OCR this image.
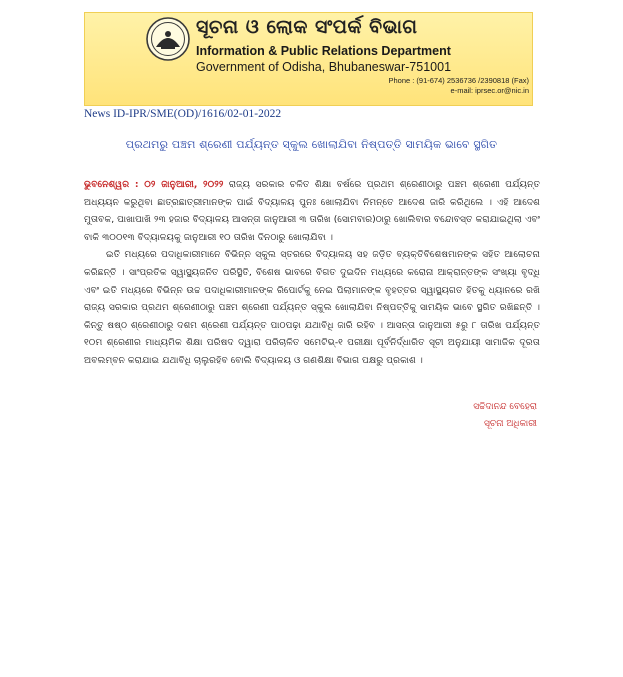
ସୂଚନା ଓ ଲୋକ ସଂପର୍କ ବିଭାଗ
Information & Public Relations Department
Government of Odisha, Bhubaneswar-751001
Phone : (91-674) 2536736 /2390818 (Fax)
e-mail: iprsec.or@nic.in
News ID-IPR/SME(OD)/1616/02-01-2022
ପ୍ରଥମରୁ ପଞ୍ଚମ ଶ୍ରେଣୀ ପର୍ଯ୍ୟନ୍ତ ସ୍କୁଲ ଖୋଲାଯିବା ନିଷ୍ପତ୍ତି ସାମୟିକ ଭାବେ ସ୍ଥଗିତ

ଭୁବନେଶ୍ୱର : ୦୨ ଜାନୁଆରୀ, ୨୦୨୨ ରାଜ୍ୟ ସରକାର ଚଳିତ ଶିକ୍ଷା ବର୍ଷରେ ପ୍ରଥମ ଶ୍ରେଣୀଠାରୁ ପଞ୍ଚମ ଶ୍ରେଣୀ ପର୍ଯ୍ୟନ୍ତ ଅଧ୍ୟୟନ କରୁଥିବା ଛାତ୍ରଛାତ୍ରୀମାନଙ୍କ ପାଇଁ ବିଦ୍ୟାଳୟ ପୁନଃ ଖୋଲାଯିବା ନିମନ୍ତେ ଆଦେଶ ଜାରି କରିଥିଲେ । ଏହି ଆଦେଶ ମୁତାବକ, ପାଖାପାଖି ୨୩ ହଜାର ବିଦ୍ୟାଳୟ ଆସନ୍ତା ଜାନୁଆରୀ ୩ ତାରିଖ (ସୋମବାର)ଠାରୁ ଖୋଲିବାର ବନ୍ଦୋବସ୍ତ କରାଯାଇଥିଲା ଏବଂ ବାକି ୩୦୦୧୩ ବିଦ୍ୟାଳୟକୁ ଜାନୁଆରୀ ୧୦ ତାରିଖ ଦିନଠାରୁ ଖୋଲାଯିବା ।

ଇତି ମଧ୍ୟରେ ପଦାଧିକାରୀମାନେ ବିଭିନ୍ନ ସ୍କୁଲ ସ୍ତରରେ ବିଦ୍ୟାଳୟ ସହ ଜଡ଼ିତ ବ୍ୟକ୍ତିବିଶେଷମାନଙ୍କ ସହିତ ଆଲୋଚନା କରିଛନ୍ତି । ସାଂପ୍ରତିକ ସ୍ୱାସ୍ଥ୍ୟଜନିତ ପରିସ୍ଥିତି, ବିଶେଷ ଭାବରେ ବିଗତ ଦୁଇଦିନ ମଧ୍ୟରେ କରୋନା ଆକ୍ରାନ୍ତଙ୍କ ସଂଖ୍ୟା ବୃଦ୍ଧି ଏବଂ ଇତି ମଧ୍ୟରେ ବିଭିନ୍ନ ଉଚ୍ଚ ପଦାଧିକାରୀମାନଙ୍କ ରିପୋର୍ଟକୁ ନେଇ ପିଲାମାନଙ୍କ ବୃହତ୍ତର ସ୍ୱାସ୍ଥ୍ୟଗତ ହିତକୁ ଧ୍ୟାନରେ ରଖି ରାଜ୍ୟ ସରକାର ପ୍ରଥମ ଶ୍ରେଣୀଠାରୁ ପଞ୍ଚମ ଶ୍ରେଣୀ ପର୍ଯ୍ୟନ୍ତ ସ୍କୁଲ ଖୋଲାଯିବା ନିଷ୍ପତ୍ତିକୁ ସାମୟିକ ଭାବେ ସ୍ଥଗିତ ରଖିଛନ୍ତି । କିନ୍ତୁ ଷଷ୍ଠ ଶ୍ରେଣୀଠାରୁ ଦଶମ ଶ୍ରେଣୀ ପର୍ଯ୍ୟନ୍ତ ପାଠପଢ଼ା ଯଥାବିଧି ଜାରି ରହିବ । ଆସନ୍ତା ଜାନୁଆରୀ ୫ରୁ ୮ ତାରିଖ ପର୍ଯ୍ୟନ୍ତ ୧୦ମ ଶ୍ରେଣୀର ମାଧ୍ୟମିକ ଶିକ୍ଷା ପରିଷଦ ଦ୍ୱାରା ପରିଚାଳିତ ସମେଟିଭ୍‌-୧ ପରୀକ୍ଷା ପୂର୍ବନିର୍ଦ୍ଧାରିତ ସୂଚୀ ଅନୁଯାୟୀ ସାମାଜିକ ଦୂରତା ଅବଲମ୍ବନ କରାଯାଇ ଯଥାବିଧି ଚାଲୁରହିବ ବୋଲି ବିଦ୍ୟାଳୟ ଓ ଗଣଶିକ୍ଷା ବିଭାଗ ପକ୍ଷରୁ ପ୍ରକାଶ ।

ସଚ୍ଚିଦାନନ୍ଦ ବେହେରା
ସୂଚନା ଅଧିକାରୀ
